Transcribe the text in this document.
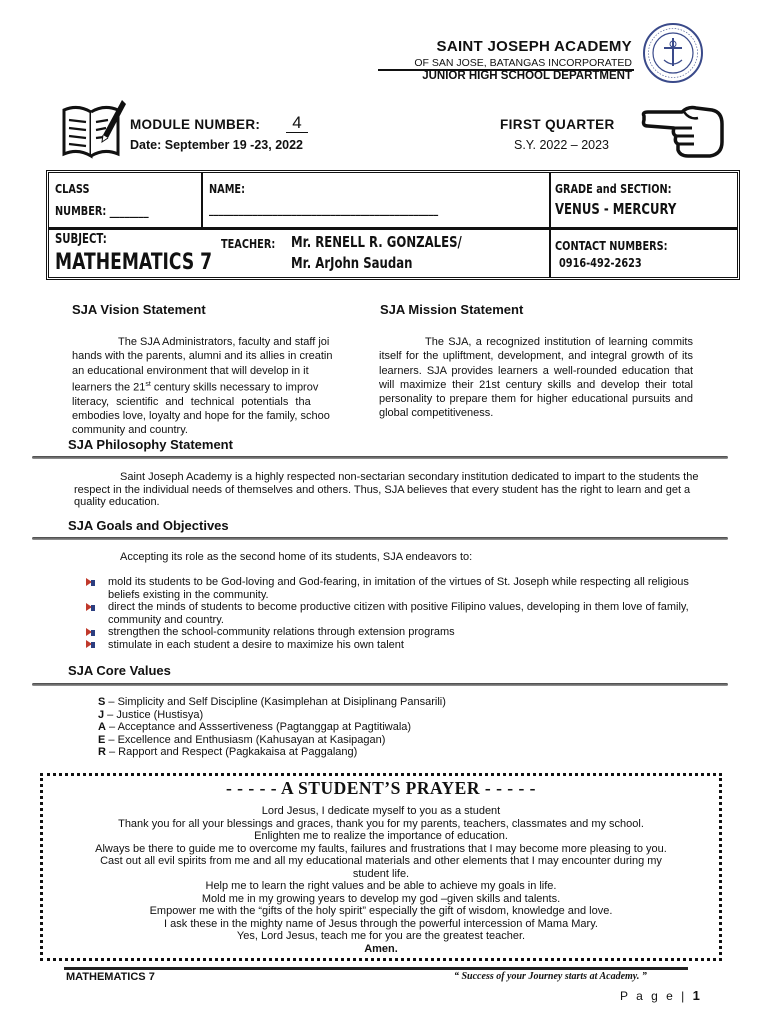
SAINT JOSEPH ACADEMY
OF SAN JOSE, BATANGAS INCORPORATED
JUNIOR HIGH SCHOOL DEPARTMENT
MODULE NUMBER:	4
Date: September 19 -23, 2022
FIRST QUARTER
S.Y. 2022 – 2023
CLASS
NUMBER: ________
NAME:
_______________________________________________
GRADE and SECTION:
VENUS - MERCURY
SUBJECT:
MATHEMATICS 7
TEACHER: Mr. RENELL R. GONZALES/
Mr. ArJohn Saudan
CONTACT NUMBERS:
0916-492-2623
SJA Vision Statement	SJA Mission Statement
The SJA Administrators, faculty and staff joi
hands with the parents, alumni and its allies in creatin
an educational environment that will develop in it
learners the 21st century skills necessary to improv
literacy, scientific and technical potentials tha
embodies love, loyalty and hope for the family, schoo
community and country.
The SJA, a recognized institution of learning commits itself for the upliftment, development, and integral growth of its learners. SJA provides learners a well-rounded education that will maximize their 21st century skills and develop their total personality to prepare them for higher educational pursuits and global competitiveness.
SJA Philosophy Statement
Saint Joseph Academy is a highly respected non-sectarian secondary institution dedicated to impart to the students the respect in the individual needs of themselves and others. Thus, SJA believes that every student has the right to learn and get a quality education.
SJA Goals and Objectives
Accepting its role as the second home of its students, SJA endeavors to:
mold its students to be God-loving and God-fearing, in imitation of the virtues of St. Joseph while respecting all religious beliefs existing in the community.
direct the minds of students to become productive citizen with positive Filipino values, developing in them love of family, community and country.
strengthen the school-community relations through extension programs
stimulate in each student a desire to maximize his own talent
SJA Core Values
S – Simplicity and Self Discipline (Kasimplehan at Disiplinang Pansarili)
J – Justice (Hustisya)
A – Acceptance and Asssertiveness (Pagtanggap at Pagtitiwala)
E – Excellence and Enthusiasm (Kahusayan at Kasipagan)
R – Rapport and Respect (Pagkakaisa at Paggalang)
- - - - - A STUDENT’S PRAYER - - - - -
Lord Jesus, I dedicate myself to you as a student
Thank you for all your blessings and graces, thank you for my parents, teachers, classmates and my school.
Enlighten me to realize the importance of education.
Always be there to guide me to overcome my faults, failures and frustrations that I may become more pleasing to you.
Cast out all evil spirits from me and all my educational materials and other elements that I may encounter during my
student life.
Help me to learn the right values and be able to achieve my goals in life.
Mold me in my growing years to develop my god –given skills and talents.
Empower me with the “gifts of the holy spirit” especially the gift of wisdom, knowledge and love.
I ask these in the mighty name of Jesus through the powerful intercession of Mama Mary.
Yes, Lord Jesus, teach me for you are the greatest teacher.
Amen.
MATHEMATICS 7	“ Success of your Journey starts at Academy. ”
P a g e | 1
